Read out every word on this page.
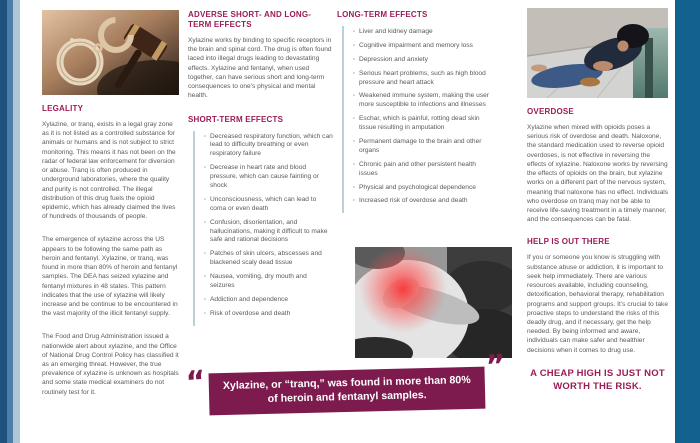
LEGALITY

Xylazine, or tranq, exists in a legal gray zone as it is not listed as a controlled substance for animals or humans and is not subject to strict monitoring. This means it has not been on the radar of federal law enforcement for diversion or abuse. Tranq is often produced in underground laboratories, where the quality and purity is not controlled. The illegal distribution of this drug fuels the opioid epidemic, which has already claimed the lives of hundreds of thousands of people.

The emergence of xylazine across the US appears to be following the same path as heroin and fentanyl. Xylazine, or tranq, was found in more than 80% of heroin and fentanyl samples. The DEA has seized xylazine and fentanyl mixtures in 48 states. This pattern indicates that the use of xylazine will likely increase and be continue to be encountered in the vast majority of the illicit fentanyl supply.

The Food and Drug Administration issued a nationwide alert about xylazine, and the Office of National Drug Control Policy has classified it as an emerging threat. However, the true prevalence of xylazine is unknown as hospitals and some state medical examiners do not routinely test for it.

ADVERSE SHORT- AND LONG-TERM EFFECTS

Xylazine works by binding to specific receptors in the brain and spinal cord. The drug is often found laced into illegal drugs leading to devastating effects. Xylazine and fentanyl, when used together, can have serious short and long-term consequences to one’s physical and mental health.

SHORT-TERM EFFECTS
· Decreased respiratory function, which can lead to difficulty breathing or even respiratory failure
· Decrease in heart rate and blood pressure, which can cause fainting or shock
· Unconsciousness, which can lead to coma or even death
· Confusion, disorientation, and hallucinations, making it difficult to make safe and rational decisions
· Patches of skin ulcers, abscesses and blackened scaly dead tissue
· Nausea, vomiting, dry mouth and seizures
· Addiction and dependence
· Risk of overdose and death
LONG-TERM EFFECTS
· Liver and kidney damage
· Cognitive impairment and memory loss
· Depression and anxiety
· Serious heart problems, such as high blood pressure and heart attack
· Weakened immune system, making the user more susceptible to infections and illnesses
· Eschar, which is painful, rotting dead skin tissue resulting in amputation
· Permanent damage to the brain and other organs
· Chronic pain and other persistent health issues
· Physical and psychological dependence
· Increased risk of overdose and death
OVERDOSE

Xylazine when mixed with opioids poses a serious risk of overdose and death. Naloxone, the standard medication used to reverse opioid overdoses, is not effective in reversing the effects of xylazine. Naloxone works by reversing the effects of opioids on the brain, but xylazine works on a different part of the nervous system, meaning that naloxone has no effect. Individuals who overdose on tranq may not be able to receive life-saving treatment in a timely manner, and the consequences can be fatal.

HELP IS OUT THERE

If you or someone you know is struggling with substance abuse or addiction, it is important to seek help immediately. There are various resources available, including counseling, detoxification, behavioral therapy, rehabilitation programs and support groups. It’s crucial to take proactive steps to understand the risks of this deadly drug, and if necessary, get the help needed. By being informed and aware, individuals can make safer and healthier decisions when it comes to drug use.

A CHEAP HIGH IS JUST NOT WORTH THE RISK.
“	Xylazine, or “tranq,” was found in more than 80% of heroin and fentanyl samples.
”
